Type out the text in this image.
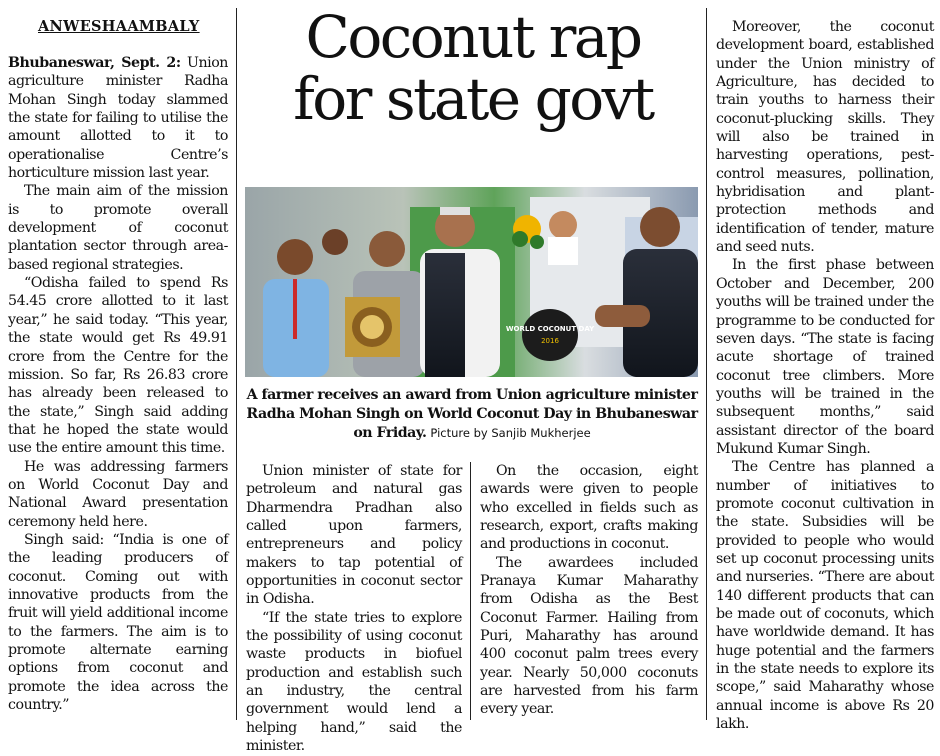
ANWESHAAMBALY	Coconut rap
for state govt
WORLD COCONUT DAY
2016
A farmer receives an award from Union agriculture minister Radha Mohan Singh on World Coconut Day in Bhubaneswar on Friday. Picture by Sanjib Mukherjee

Bhubaneswar, Sept. 2: Union agriculture minister Radha Mohan Singh today slammed the state for failing to utilise the amount allotted to it to operationalise Centre’s horticulture mission last year.

The main aim of the mission is to promote overall development of coconut plantation sector through area-based regional strategies.

“Odisha failed to spend Rs 54.45 crore allotted to it last year,” he said today. “This year, the state would get Rs 49.91 crore from the Centre for the mission. So far, Rs 26.83 crore has already been released to the state,” Singh said adding that he hoped the state would use the entire amount this time.

He was addressing farmers on World Coconut Day and National Award presentation ceremony held here.

Singh said: “India is one of the leading producers of coconut. Coming out with innovative products from the fruit will yield additional income to the farmers. The aim is to promote alternate earning options from coconut and promote the idea across the country.”

Union minister of state for petroleum and natural gas Dharmendra Pradhan also called upon farmers, entrepreneurs and policy makers to tap potential of opportunities in coconut sector in Odisha.

“If the state tries to explore the possibility of using coconut waste products in biofuel production and establish such an industry, the central government would lend a helping hand,” said the minister.

On the occasion, eight awards were given to people who excelled in fields such as research, export, crafts making and productions in coconut.

The awardees included Pranaya Kumar Maharathy from Odisha as the Best Coconut Farmer. Hailing from Puri, Maharathy has around 400 coconut palm trees every year. Nearly 50,000 coconuts are harvested from his farm every year.

Moreover, the coconut development board, established under the Union ministry of Agriculture, has decided to train youths to harness their coconut-plucking skills. They will also be trained in harvesting operations, pest-control measures, pollination, hybridisation and plant-protection methods and identification of tender, mature and seed nuts.

In the first phase between October and December, 200 youths will be trained under the programme to be conducted for seven days. “The state is facing acute shortage of trained coconut tree climbers. More youths will be trained in the subsequent months,” said assistant director of the board Mukund Kumar Singh.

The Centre has planned a number of initiatives to promote coconut cultivation in the state. Subsidies will be provided to people who would set up coconut processing units and nurseries. “There are about 140 different products that can be made out of coconuts, which have worldwide demand. It has huge potential and the farmers in the state needs to explore its scope,” said Maharathy whose annual income is above Rs 20 lakh.
